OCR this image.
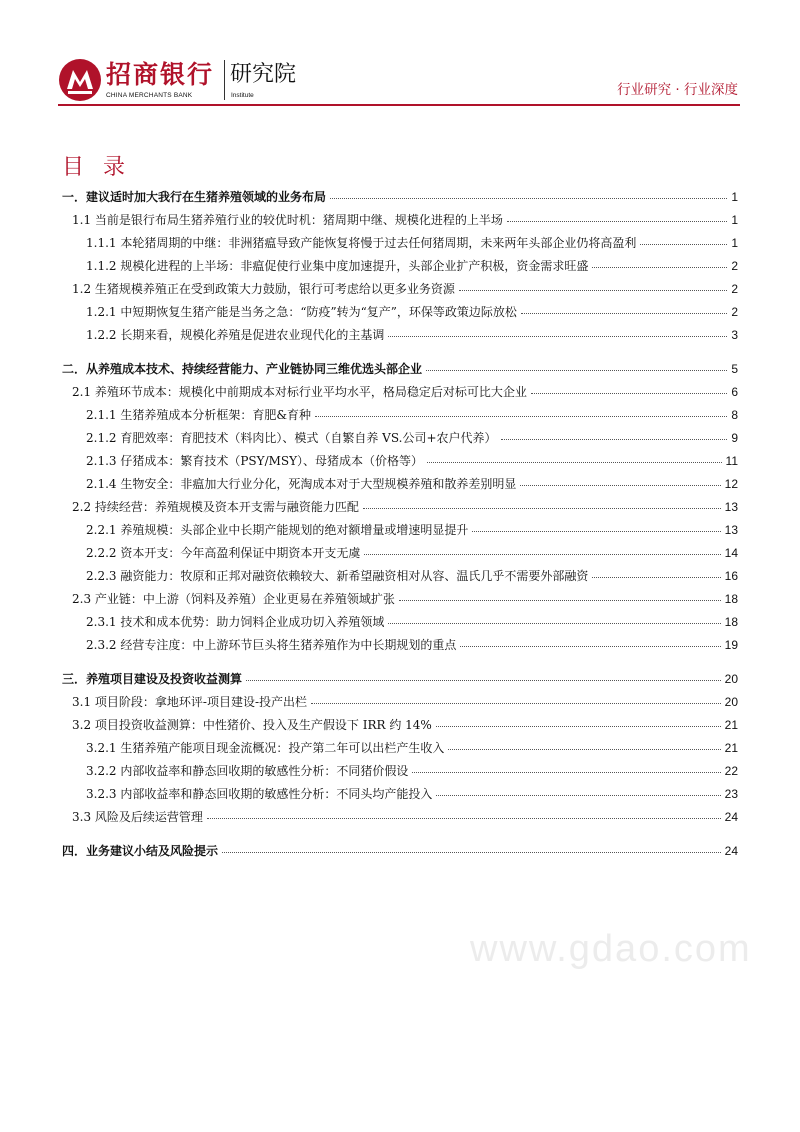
招商银行
CHINA MERCHANTS BANK
研究院
Institute	行业研究 · 行业深度
目 录
一．建议适时加大我行在生猪养殖领域的业务布局	1
1.1 当前是银行布局生猪养殖行业的较优时机：猪周期中继、规模化进程的上半场	1
1.1.1 本轮猪周期的中继：非洲猪瘟导致产能恢复将慢于过去任何猪周期，未来两年头部企业仍将高盈利	1
1.1.2 规模化进程的上半场：非瘟促使行业集中度加速提升，头部企业扩产积极，资金需求旺盛	2
1.2 生猪规模养殖正在受到政策大力鼓励，银行可考虑给以更多业务资源	2
1.2.1 中短期恢复生猪产能是当务之急：“防疫”转为“复产”，环保等政策边际放松	2
1.2.2 长期来看，规模化养殖是促进农业现代化的主基调	3
二．从养殖成本技术、持续经营能力、产业链协同三维优选头部企业	5
2.1 养殖环节成本：规模化中前期成本对标行业平均水平，格局稳定后对标可比大企业	6
2.1.1 生猪养殖成本分析框架：育肥&育种	8
2.1.2 育肥效率：育肥技术（料肉比）、模式（自繁自养 VS.公司+农户代养）	9
2.1.3 仔猪成本：繁育技术（PSY/MSY）、母猪成本（价格等）	11
2.1.4 生物安全：非瘟加大行业分化，死淘成本对于大型规模养殖和散养差别明显	12
2.2 持续经营：养殖规模及资本开支需与融资能力匹配	13
2.2.1 养殖规模：头部企业中长期产能规划的绝对额增量或增速明显提升	13
2.2.2 资本开支：今年高盈利保证中期资本开支无虞	14
2.2.3 融资能力：牧原和正邦对融资依赖较大、新希望融资相对从容、温氏几乎不需要外部融资	16
2.3 产业链：中上游（饲料及养殖）企业更易在养殖领域扩张	18
2.3.1 技术和成本优势：助力饲料企业成功切入养殖领域	18
2.3.2 经营专注度：中上游环节巨头将生猪养殖作为中长期规划的重点	19
三．养殖项目建设及投资收益测算	20
3.1 项目阶段：拿地环评-项目建设-投产出栏	20
3.2 项目投资收益测算：中性猪价、投入及生产假设下 IRR 约 14%	21
3.2.1 生猪养殖产能项目现金流概况：投产第二年可以出栏产生收入	21
3.2.2 内部收益率和静态回收期的敏感性分析：不同猪价假设	22
3.2.3 内部收益率和静态回收期的敏感性分析：不同头均产能投入	23
3.3 风险及后续运营管理	24
四．业务建议小结及风险提示	24
www.gdao.com
